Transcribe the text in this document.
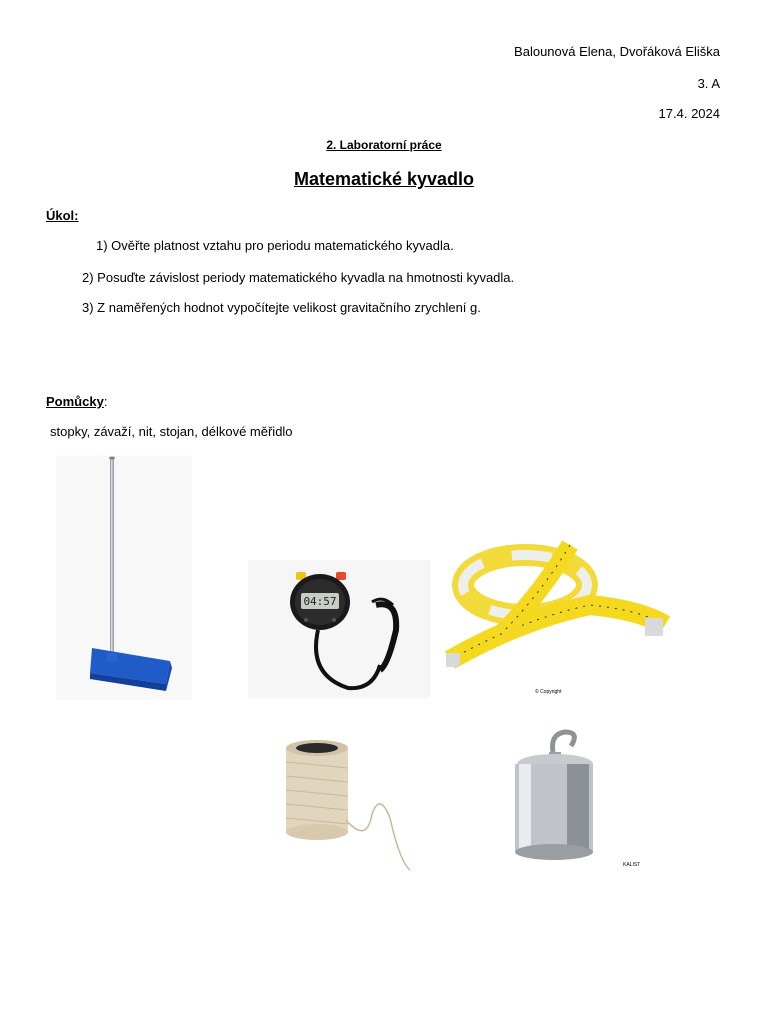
Balounová Elena, Dvořáková Eliška
3. A
17.4. 2024
2. Laboratorní práce
Matematické kyvadlo
Úkol:
1) Ověřte platnost vztahu pro periodu matematického kyvadla.
2) Posuďte závislost periody matematického kyvadla na hmotnosti kyvadla.
3) Z naměřených hodnot vypočítejte velikost gravitačního zrychlení g.
Pomůcky:
stopky, závaží, nit, stojan, délkové měřidlo
04:57
© Copyright
KALIST
